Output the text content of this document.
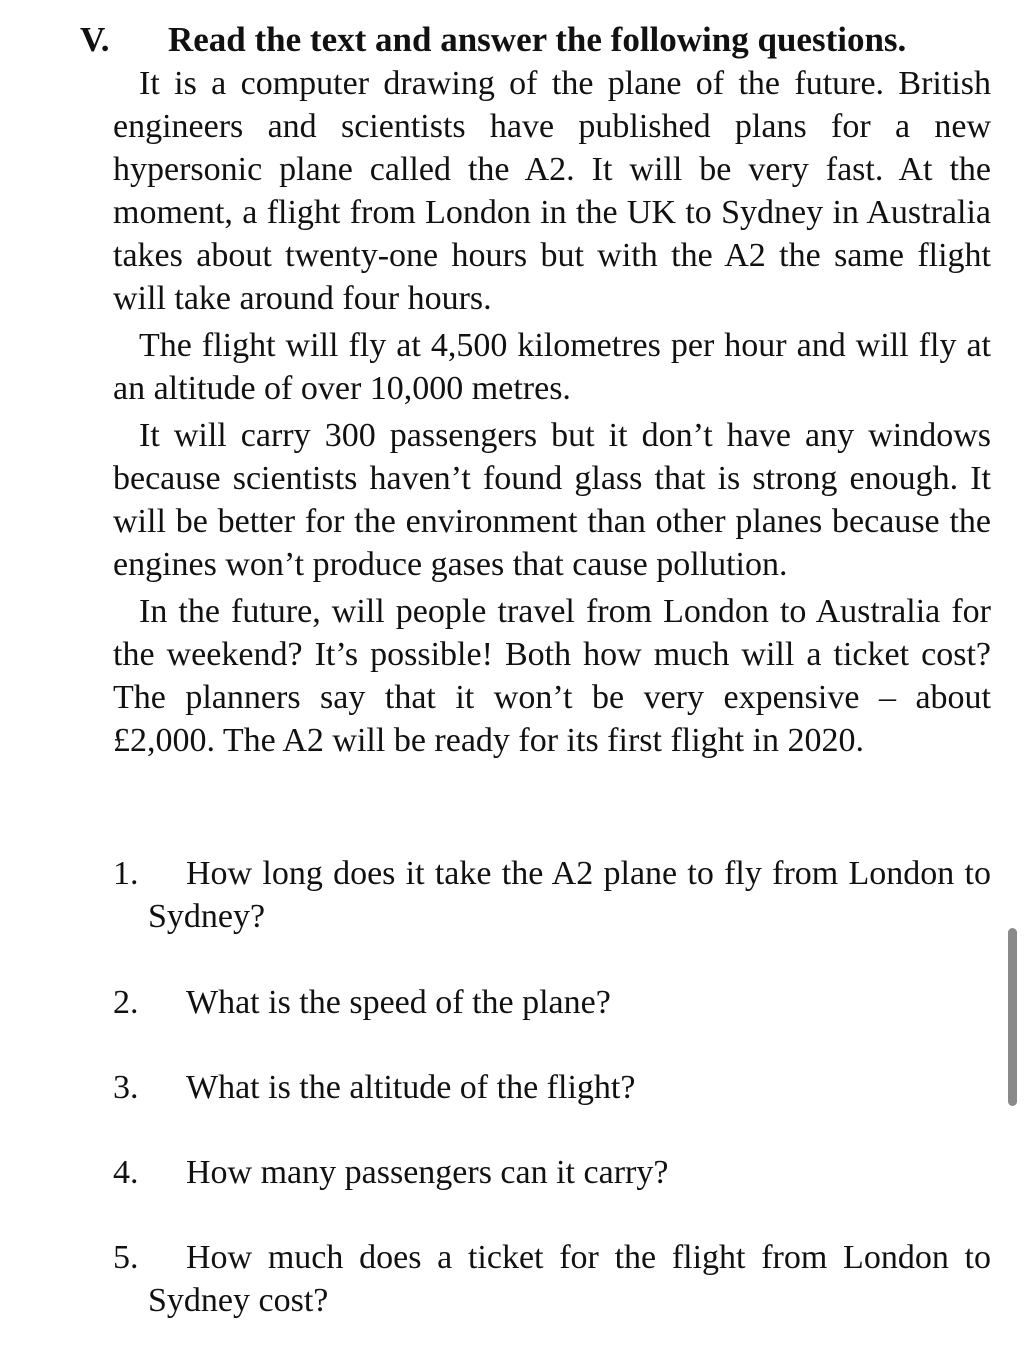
V. Read the text and answer the following questions.

It is a computer drawing of the plane of the future. British engineers and scientists have published plans for a new hypersonic plane called the A2. It will be very fast. At the moment, a flight from London in the UK to Sydney in Australia takes about twenty-one hours but with the A2 the same flight will take around four hours.

The flight will fly at 4,500 kilometres per hour and will fly at an altitude of over 10,000 metres.

It will carry 300 passengers but it don’t have any windows because scientists haven’t found glass that is strong enough. It will be better for the environment than other planes because the engines won’t produce gases that cause pollution.

In the future, will people travel from London to Australia for the weekend? It’s possible! Both how much will a ticket cost? The planners say that it won’t be very expensive – about £2,000. The A2 will be ready for its first flight in 2020.

1. How long does it take the A2 plane to fly from London to Sydney?
2. What is the speed of the plane?
3. What is the altitude of the flight?
4. How many passengers can it carry?
5. How much does a ticket for the flight from London to Sydney cost?
